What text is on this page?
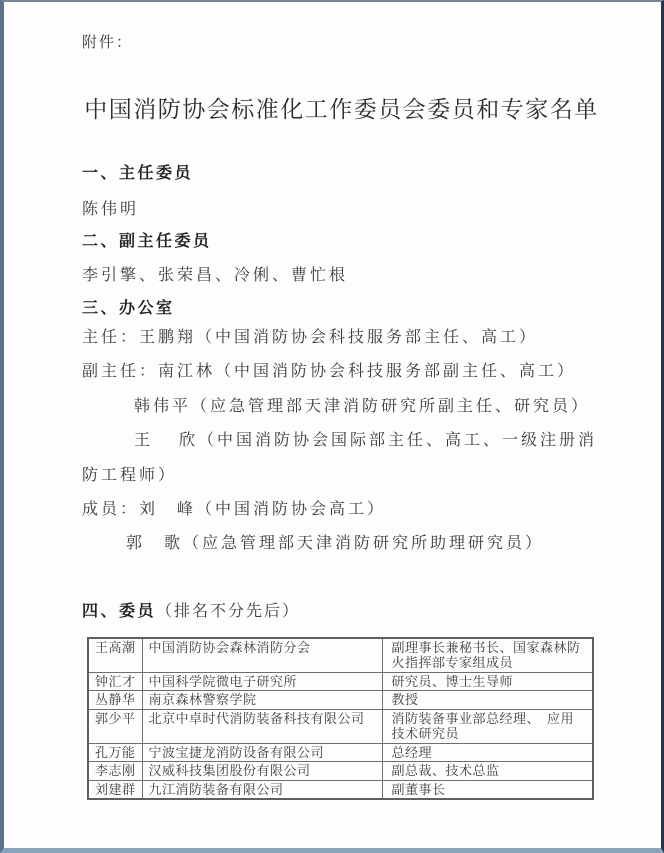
附件：
中国消防协会标准化工作委员会委员和专家名单
一、主任委员
陈伟明
二、副主任委员
李引擎、张荣昌、冷俐、曹忙根
三、办公室
主任：王鹏翔（中国消防协会科技服务部主任、高工）
副主任：南江林（中国消防协会科技服务部副主任、高工）
韩伟平（应急管理部天津消防研究所副主任、研究员）
王　 欣（中国消防协会国际部主任、高工、一级注册消
防工程师）
成员：刘　峰（中国消防协会高工）
郭　歌（应急管理部天津消防研究所助理研究员）
四、委员（排名不分先后）
王高潮	中国消防协会森林消防分会	副理事长兼秘书长、国家森林防火指挥部专家组成员
钟汇才	中国科学院微电子研究所	研究员、博士生导师
丛静华	南京森林警察学院	教授
郭少平	北京中卓时代消防装备科技有限公司	消防装备事业部总经理、　应用技术研究员
孔万能	宁波宝捷龙消防设备有限公司	总经理
李志刚	汉威科技集团股份有限公司	副总裁、技术总监
刘建群	九江消防装备有限公司	副董事长
